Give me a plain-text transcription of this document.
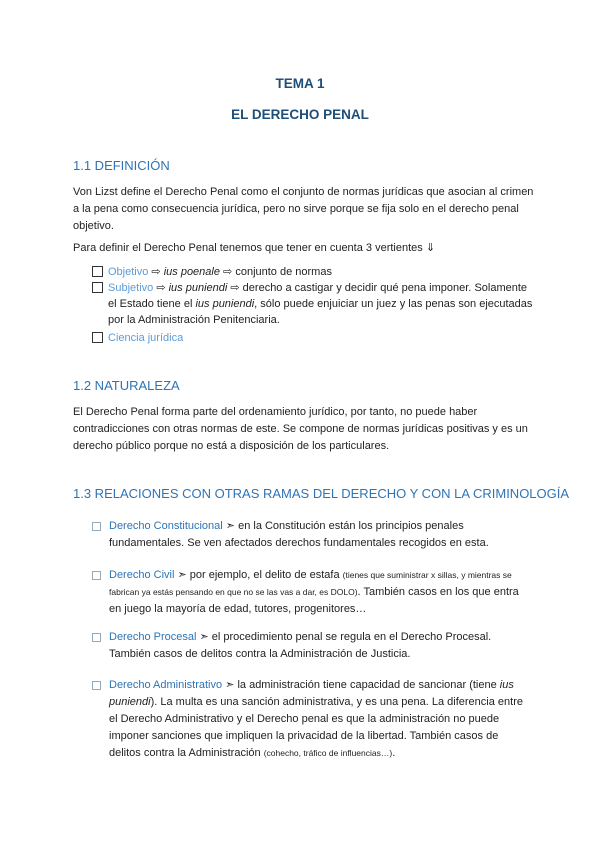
TEMA 1
EL DERECHO PENAL
1.1 DEFINICIÓN

Von Lizst define el Derecho Penal como el conjunto de normas jurídicas que asocian al crimen a la pena como consecuencia jurídica, pero no sirve porque se fija solo en el derecho penal objetivo.

Para definir el Derecho Penal tenemos que tener en cuenta 3 vertientes ⇓

Objetivo ⇨ ius poenale ⇨ conjunto de normas
Subjetivo ⇨ ius puniendi ⇨ derecho a castigar y decidir qué pena imponer. Solamente el Estado tiene el ius puniendi, sólo puede enjuiciar un juez y las penas son ejecutadas por la Administración Penitenciaria.
Ciencia jurídica
1.2 NATURALEZA

El Derecho Penal forma parte del ordenamiento jurídico, por tanto, no puede haber contradicciones con otras normas de este. Se compone de normas jurídicas positivas y es un derecho público porque no está a disposición de los particulares.

1.3 RELACIONES CON OTRAS RAMAS DEL DERECHO Y CON LA CRIMINOLOGÍA
Derecho Constitucional ➣ en la Constitución están los principios penales fundamentales. Se ven afectados derechos fundamentales recogidos en esta.
Derecho Civil ➣ por ejemplo, el delito de estafa (tienes que suministrar x sillas, y mientras se fabrican ya estás pensando en que no se las vas a dar, es DOLO). También casos en los que entra en juego la mayoría de edad, tutores, progenitores…
Derecho Procesal ➣ el procedimiento penal se regula en el Derecho Procesal. También casos de delitos contra la Administración de Justicia.
Derecho Administrativo ➣ la administración tiene capacidad de sancionar (tiene ius puniendi). La multa es una sanción administrativa, y es una pena. La diferencia entre el Derecho Administrativo y el Derecho penal es que la administración no puede imponer sanciones que impliquen la privacidad de la libertad. También casos de delitos contra la Administración (cohecho, tráfico de influencias…).
